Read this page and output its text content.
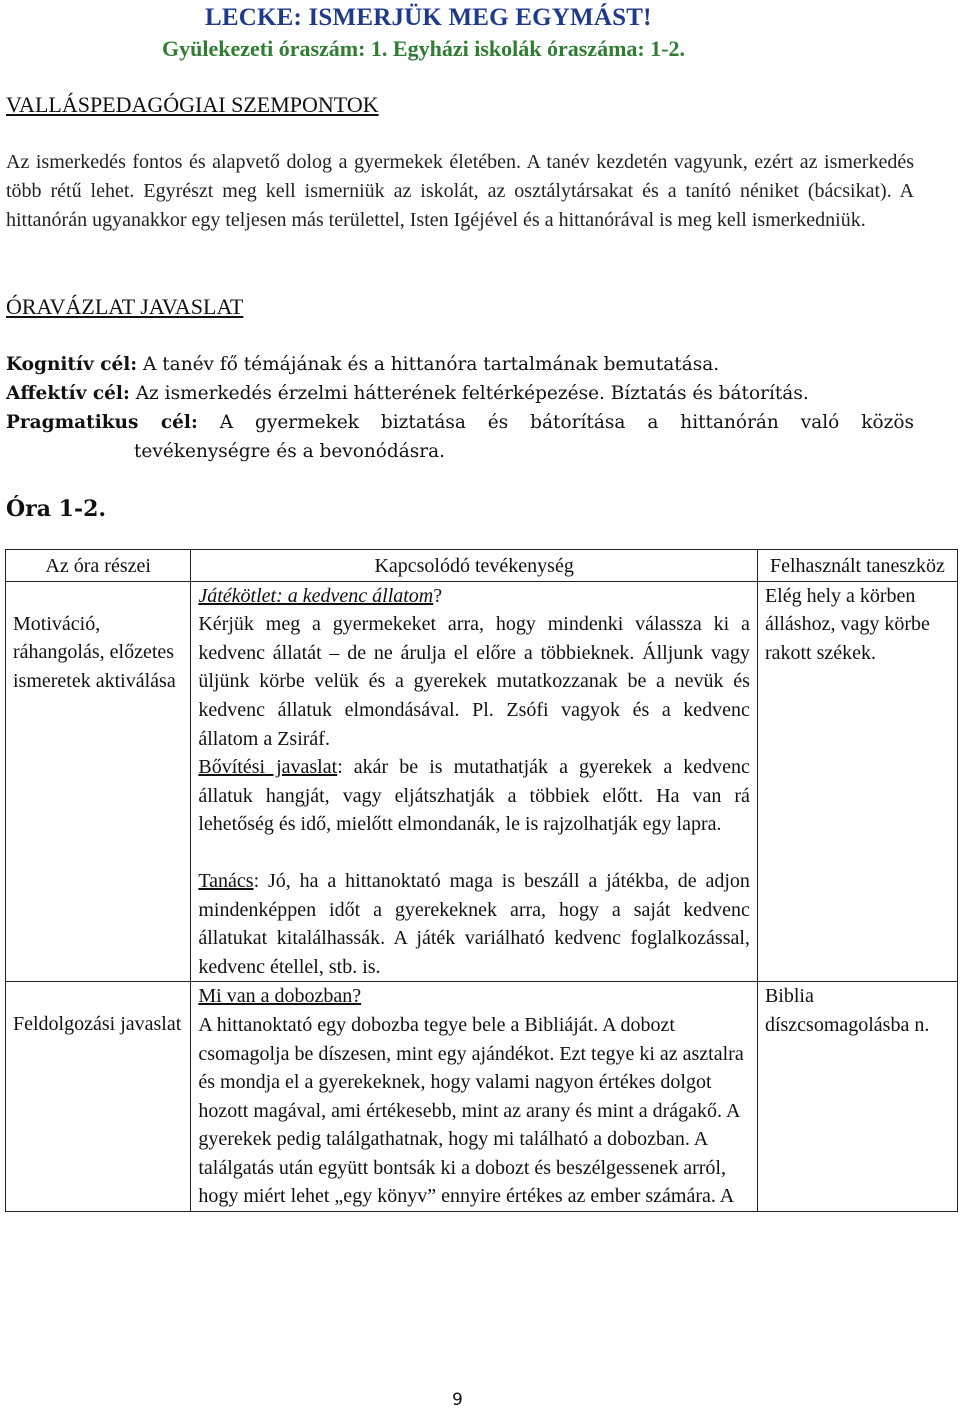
LECKE: ISMERJÜK MEG EGYMÁST!
Gyülekezeti óraszám: 1. Egyházi iskolák óraszáma: 1-2.
VALLÁSPEDAGÓGIAI SZEMPONTOK

Az ismerkedés fontos és alapvető dolog a gyermekek életében. A tanév kezdetén vagyunk, ezért az ismerkedés több rétű lehet. Egyrészt meg kell ismerniük az iskolát, az osztálytársakat és a tanító néniket (bácsikat). A hittanórán ugyanakkor egy teljesen más területtel, Isten Igéjével és a hittanórával is meg kell ismerkedniük.

ÓRAVÁZLAT JAVASLAT

Kognitív cél: A tanév fő témájának és a hittanóra tartalmának bemutatása.

Affektív cél: Az ismerkedés érzelmi hátterének feltérképezése. Bíztatás és bátorítás.

Pragmatikus cél: A gyermekek biztatása és bátorítása a hittanórán való közös

tevékenységre és a bevonódásra.

Óra 1-2.
Az óra részei	Kapcsolódó tevékenység	Felhasznált taneszköz
Motiváció, ráhangolás, előzetes ismeretek aktiválása	Játékötlet: a kedvenc állatom?
Kérjük meg a gyermekeket arra, hogy mindenki válassza ki a kedvenc állatát – de ne árulja el előre a többieknek. Álljunk vagy üljünk körbe velük és a gyerekek mutatkozzanak be a nevük és kedvenc állatuk elmondásával. Pl. Zsófi vagyok és a kedvenc állatom a Zsiráf.
Bővítési javaslat: akár be is mutathatják a gyerekek a kedvenc állatuk hangját, vagy eljátszhatják a többiek előtt. Ha van rá lehetőség és idő, mielőtt elmondanák, le is rajzolhatják egy lapra.
Tanács: Jó, ha a hittanoktató maga is beszáll a játékba, de adjon mindenképpen időt a gyerekeknek arra, hogy a saját kedvenc állatukat kitalálhassák. A játék variálható kedvenc foglalkozással, kedvenc étellel, stb. is.	Elég hely a körben álláshoz, vagy körbe rakott székek.
Feldolgozási javaslat	Mi van a dobozban?
A hittanoktató egy dobozba tegye bele a Bibliáját. A dobozt csomagolja be díszesen, mint egy ajándékot. Ezt tegye ki az asztalra és mondja el a gyerekeknek, hogy valami nagyon értékes dolgot hozott magával, ami értékesebb, mint az arany és mint a drágakő. A gyerekek pedig találgathatnak, hogy mi található a dobozban. A találgatás után együtt bontsák ki a dobozt és beszélgessenek arról, hogy miért lehet „egy könyv” ennyire értékes az ember számára. A	Biblia díszcsomagolásba n.
9
